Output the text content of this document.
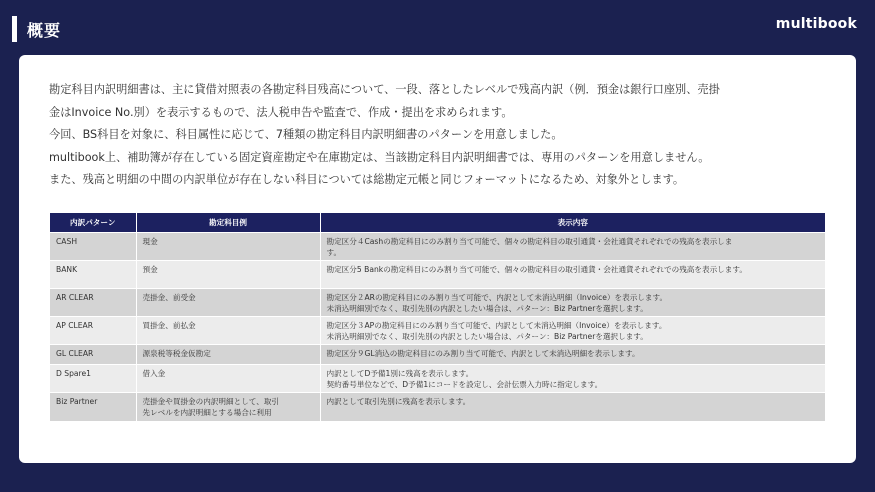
概要	multibook

勘定科目内訳明細書は、主に貸借対照表の各勘定科目残高について、一段、落としたレベルで残高内訳（例．預金は銀行口座別、売掛

金はInvoice No.別）を表示するもので、法人税申告や監査で、作成・提出を求められます。

今回、BS科目を対象に、科目属性に応じて、7種類の勘定科目内訳明細書のパターンを用意しました。

multibook上、補助簿が存在している固定資産勘定や在庫勘定は、当該勘定科目内訳明細書では、専用のパターンを用意しません。

また、残高と明細の中間の内訳単位が存在しない科目については総勘定元帳と同じフォーマットになるため、対象外とします。

内訳パターン	勘定科目例	表示内容
CASH	現金	勘定区分４Cashの勘定科目にのみ割り当て可能で、個々の勘定科目の取引通貨・会社通貨それぞれでの残高を表示しま
す。
BANK	預金	勘定区分5 Bankの勘定科目にのみ割り当て可能で、個々の勘定科目の取引通貨・会社通貨それぞれでの残高を表示します。
AR CLEAR	売掛金、前受金	勘定区分２ARの勘定科目にのみ割り当て可能で、内訳として未消込明細（Invoice）を表示します。
未消込明細別でなく、取引先別の内訳としたい場合は、パターン：Biz Partnerを選択します。
AP CLEAR	買掛金、前払金	勘定区分３APの勘定科目にのみ割り当て可能で、内訳として未消込明細（Invoice）を表示します。
未消込明細別でなく、取引先別の内訳としたい場合は、パターン：Biz Partnerを選択します。
GL CLEAR	源泉税等税金仮勘定	勘定区分９GL消込の勘定科目にのみ割り当て可能で、内訳として未消込明細を表示します。
D Spare1	借入金	内訳としてD予備1別に残高を表示します。
契約番号単位などで、D予備1にコードを設定し、会計伝票入力時に指定します。
Biz Partner	売掛金や買掛金の内訳明細として、取引
先レベルを内訳明細とする場合に利用	内訳として取引先別に残高を表示します。
